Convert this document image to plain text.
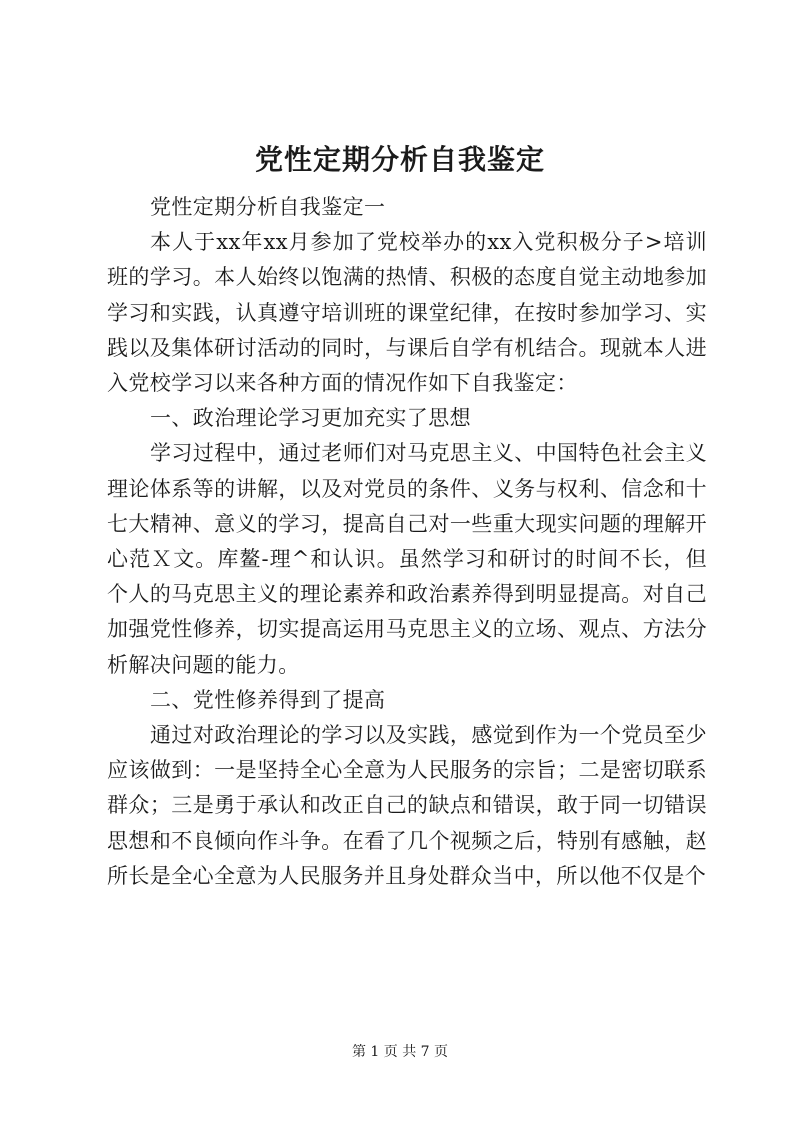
党性定期分析自我鉴定

党性定期分析自我鉴定一

本人于xx年xx月参加了党校举办的xx入党积极分子>培训班的学习。本人始终以饱满的热情、积极的态度自觉主动地参加学习和实践，认真遵守培训班的课堂纪律，在按时参加学习、实践以及集体研讨活动的同时，与课后自学有机结合。现就本人进入党校学习以来各种方面的情况作如下自我鉴定：

一、政治理论学习更加充实了思想

学习过程中，通过老师们对马克思主义、中国特色社会主义理论体系等的讲解，以及对党员的条件、义务与权利、信念和十七大精神、意义的学习，提高自己对一些重大现实问题的理解开心范Ｘ文。库鳌-理^和认识。虽然学习和研讨的时间不长，但个人的马克思主义的理论素养和政治素养得到明显提高。对自己加强党性修养，切实提高运用马克思主义的立场、观点、方法分析解决问题的能力。

二、党性修养得到了提高

通过对政治理论的学习以及实践，感觉到作为一个党员至少应该做到：一是坚持全心全意为人民服务的宗旨；二是密切联系群众；三是勇于承认和改正自己的缺点和错误，敢于同一切错误思想和不良倾向作斗争。在看了几个视频之后，特别有感触，赵所长是全心全意为人民服务并且身处群众当中，所以他不仅是个

第 1 页 共 7 页
